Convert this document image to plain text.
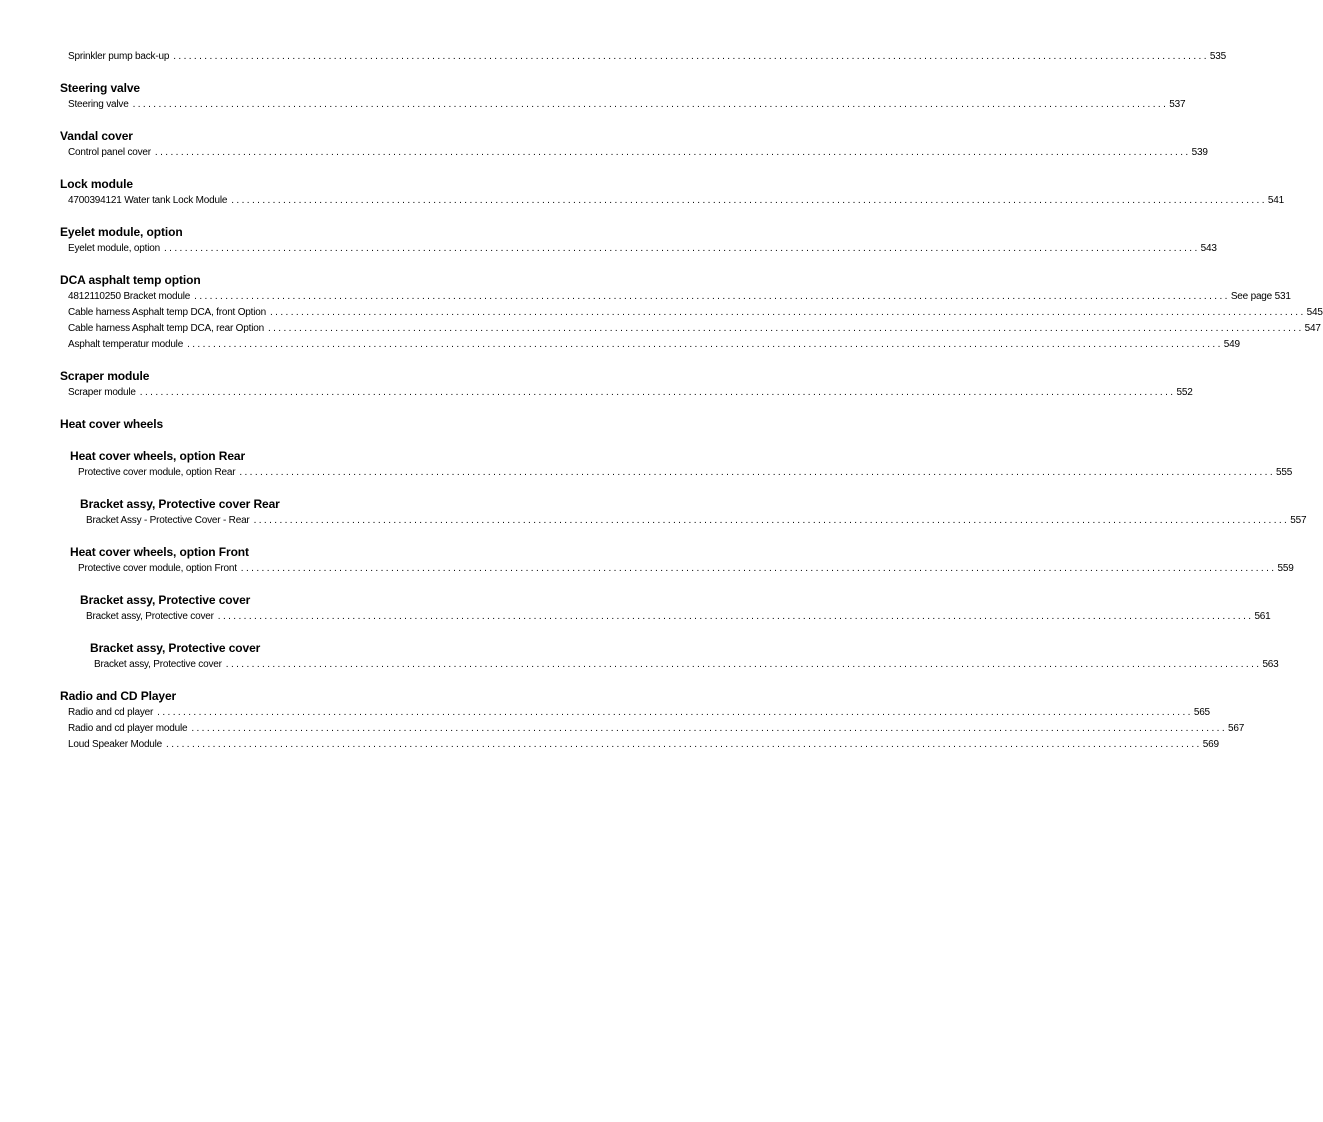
Sprinkler pump back-up ........................................................................................................................................................................................................ 535
Steering valve
Steering valve ........................................................................................................................................................................................................ 537
Vandal cover
Control panel cover ........................................................................................................................................................................................................ 539
Lock module
4700394121 Water tank Lock Module ........................................................................................................................................................................................................ 541
Eyelet module, option
Eyelet module, option ........................................................................................................................................................................................................ 543
DCA asphalt temp option
4812110250 Bracket module ........................................................................................................................................................................................................ See page 531
Cable harness Asphalt temp DCA, front Option ........................................................................................................................................................................................................ 545
Cable harness Asphalt temp DCA, rear Option ........................................................................................................................................................................................................ 547
Asphalt temperatur module ........................................................................................................................................................................................................ 549
Scraper module
Scraper module ........................................................................................................................................................................................................ 552
Heat cover wheels
Heat cover wheels, option Rear
Protective cover module, option Rear ........................................................................................................................................................................................................ 555
Bracket assy, Protective cover Rear
Bracket Assy - Protective Cover - Rear ........................................................................................................................................................................................................ 557
Heat cover wheels, option Front
Protective cover module, option Front ........................................................................................................................................................................................................ 559
Bracket assy, Protective cover
Bracket assy, Protective cover ........................................................................................................................................................................................................ 561
Bracket assy, Protective cover
Bracket assy, Protective cover ........................................................................................................................................................................................................ 563
Radio and CD Player
Radio and cd player ........................................................................................................................................................................................................ 565
Radio and cd player module ........................................................................................................................................................................................................ 567
Loud Speaker Module ........................................................................................................................................................................................................ 569
